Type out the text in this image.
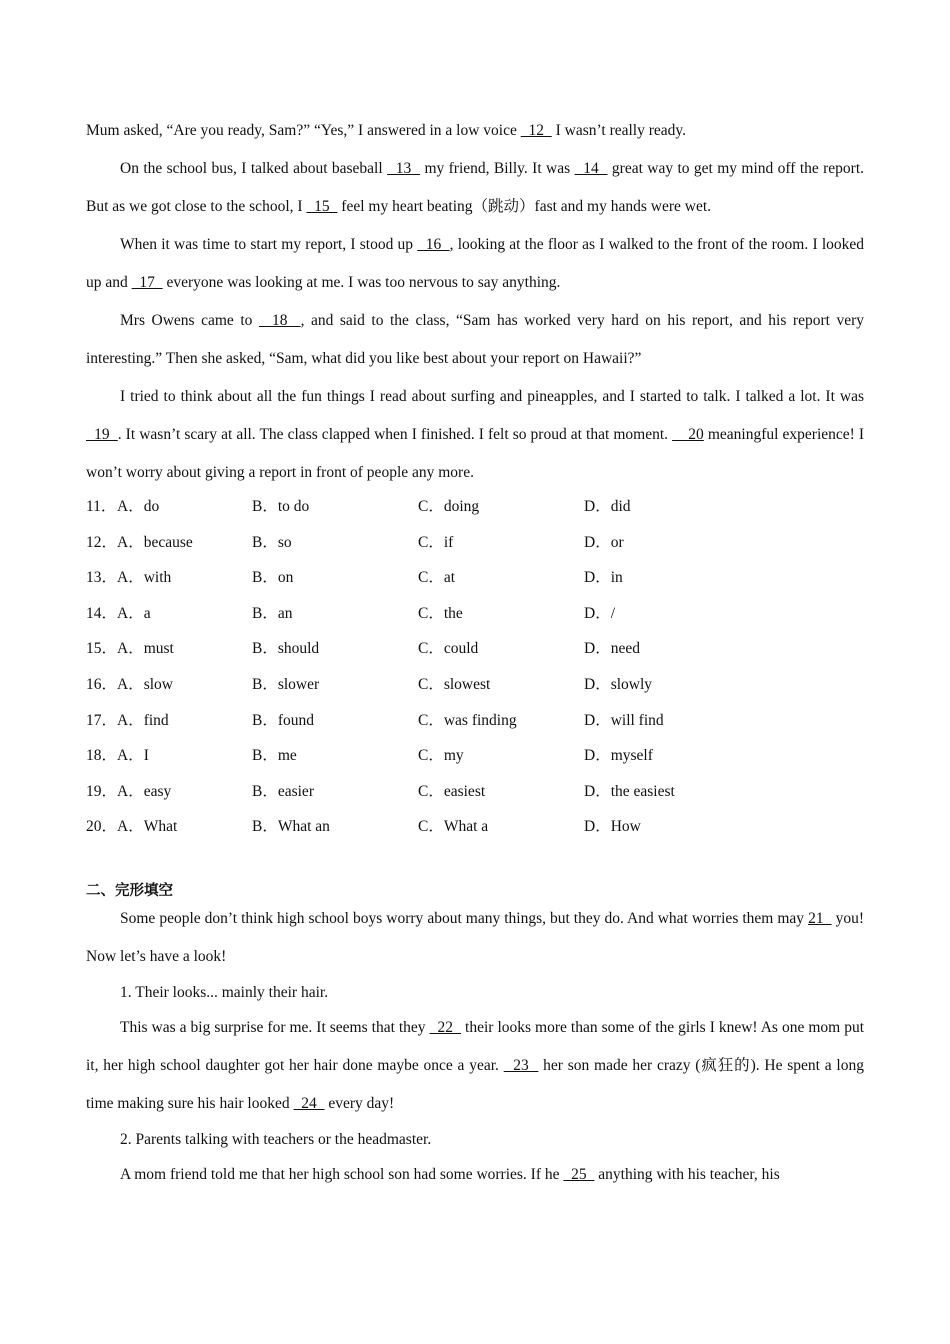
Mum asked, “Are you ready, Sam?” “Yes,” I answered in a low voice   12   I wasn’t really ready.

On the school bus, I talked about baseball   13   my friend, Billy. It was   14   great way to get my mind off the report. But as we got close to the school, I   15   feel my heart beating（跳动）fast and my hands were wet.

When it was time to start my report, I stood up   16  , looking at the floor as I walked to the front of the room. I looked up and   17   everyone was looking at me. I was too nervous to say anything.

Mrs Owens came to   18  , and said to the class, “Sam has worked very hard on his report, and his report very interesting.” Then she asked, “Sam, what did you like best about your report on Hawaii?”

I tried to think about all the fun things I read about surfing and pineapples, and I started to talk. I talked a lot. It was   19  . It wasn’t scary at all. The class clapped when I finished. I felt so proud at that moment.     20 meaningful experience! I won’t worry about giving a report in front of people any more.

11． A．do	B．to do	C．doing	D．did
12． A．because	B．so	C．if	D．or
13． A．with	B．on	C．at	D．in
14． A．a	B．an	C．the	D．/
15． A．must	B．should	C．could	D．need
16． A．slow	B．slower	C．slowest	D．slowly
17． A．find	B．found	C．was finding	D．will find
18． A．I	B．me	C．my	D．myself
19． A．easy	B．easier	C．easiest	D．the easiest
20． A．What	B．What an	C．What a	D．How
二、完形填空

Some people don’t think high school boys worry about many things, but they do. And what worries them may 21   you! Now let’s have a look!

1. Their looks... mainly their hair.

This was a big surprise for me. It seems that they   22   their looks more than some of the girls I knew! As one mom put it, her high school daughter got her hair done maybe once a year.   23   her son made her crazy (疯狂的). He spent a long time making sure his hair looked   24   every day!

2. Parents talking with teachers or the headmaster.

A mom friend told me that her high school son had some worries. If he   25   anything with his teacher, his
